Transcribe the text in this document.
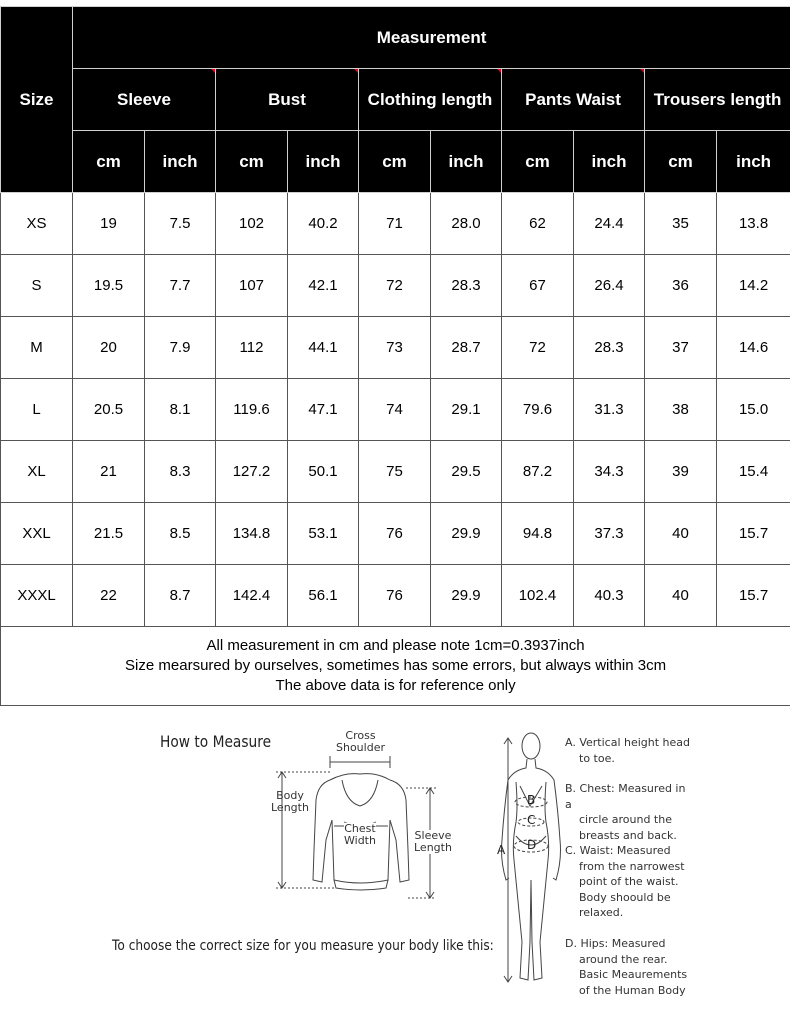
Size	Measurement									
	Sleeve		Bust		Clothing length		Pants Waist		Trousers length	
	cm	inch	cm	inch	cm	inch	cm	inch	cm	inch
XS	19	7.5	102	40.2	71	28.0	62	24.4	35	13.8
S	19.5	7.7	107	42.1	72	28.3	67	26.4	36	14.2
M	20	7.9	112	44.1	73	28.7	72	28.3	37	14.6
L	20.5	8.1	119.6	47.1	74	29.1	79.6	31.3	38	15.0
XL	21	8.3	127.2	50.1	75	29.5	87.2	34.3	39	15.4
XXL	21.5	8.5	134.8	53.1	76	29.9	94.8	37.3	40	15.7
XXXL	22	8.7	142.4	56.1	76	29.9	102.4	40.3	40	15.7

All measurement in cm and please note 1cm=0.3937inch
Size mearsured by ourselves, sometimes has some errors, but always within 3cm
The above data is for reference only										
How to Measure	Cross
Shoulder
Body
Length
Chest
Width	Sleeve
Length	A
B
C
D
A. Vertical height head
to toe.
B. Chest: Measured in a
circle around the
breasts and back.
C. Waist: Measured
from the narrowest
point of the waist.
Body shoould be
relaxed.
D. Hips: Measured
around the rear.
Basic Meaurements
of the Human Body
To choose the correct size for you measure your body like this:
